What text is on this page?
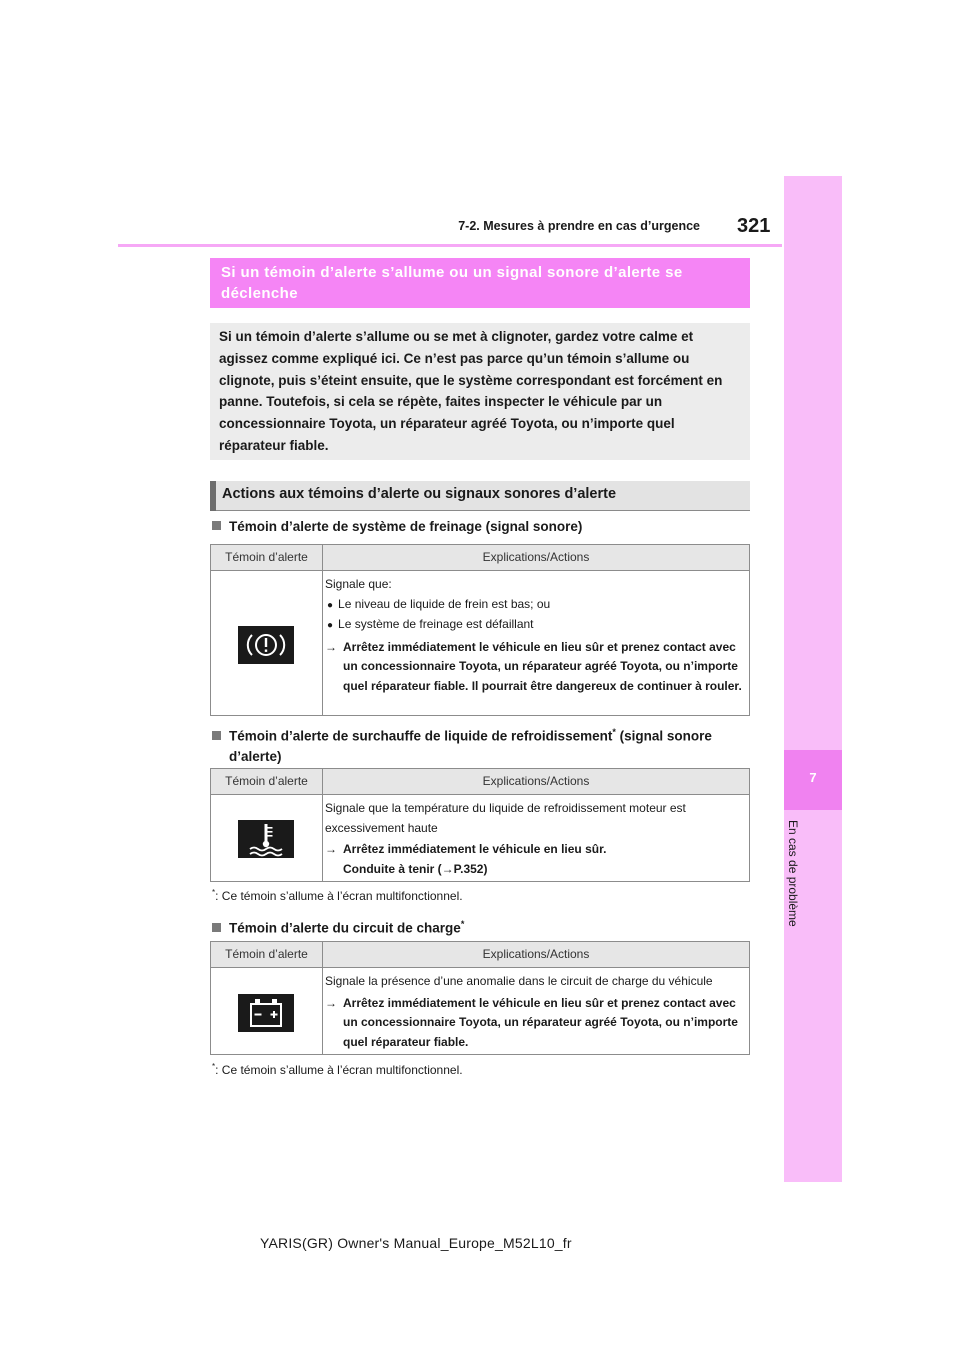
7
En cas de problème
7-2. Mesures à prendre en cas d’urgence 321
Si un témoin d’alerte s’allume ou un signal sonore d’alerte se déclenche
Si un témoin d’alerte s’allume ou se met à clignoter, gardez votre calme et agissez comme expliqué ici. Ce n’est pas parce qu’un témoin s’allume ou clignote, puis s’éteint ensuite, que le système correspondant est forcément en panne. Toutefois, si cela se répète, faites inspecter le véhicule par un concessionnaire Toyota, un réparateur agréé Toyota, ou n’importe quel réparateur fiable.
Actions aux témoins d’alerte ou signaux sonores d’alerte
Témoin d’alerte de système de freinage (signal sonore)
Témoin d’alerte	Explications/Actions
Signale que:
● Le niveau de liquide de frein est bas; ou
● Le système de freinage est défaillant
→ Arrêtez immédiatement le véhicule en lieu sûr et prenez contact avec un concessionnaire Toyota, un réparateur agréé Toyota, ou n’importe quel réparateur fiable. Il pourrait être dangereux de continuer à rouler.
Témoin d’alerte de surchauffe de liquide de refroidissement* (signal sonore
d’alerte)
Témoin d’alerte	Explications/Actions
Signale que la température du liquide de refroidissement moteur est excessivement haute
→ Arrêtez immédiatement le véhicule en lieu sûr.
Conduite à tenir (→P.352)
*: Ce témoin s’allume à l’écran multifonctionnel.
Témoin d’alerte du circuit de charge*
Témoin d’alerte	Explications/Actions
Signale la présence d’une anomalie dans le circuit de charge du véhicule
→ Arrêtez immédiatement le véhicule en lieu sûr et prenez contact avec un concessionnaire Toyota, un réparateur agréé Toyota, ou n’importe quel réparateur fiable.
*: Ce témoin s’allume à l’écran multifonctionnel.
YARIS(GR) Owner's Manual_Europe_M52L10_fr
